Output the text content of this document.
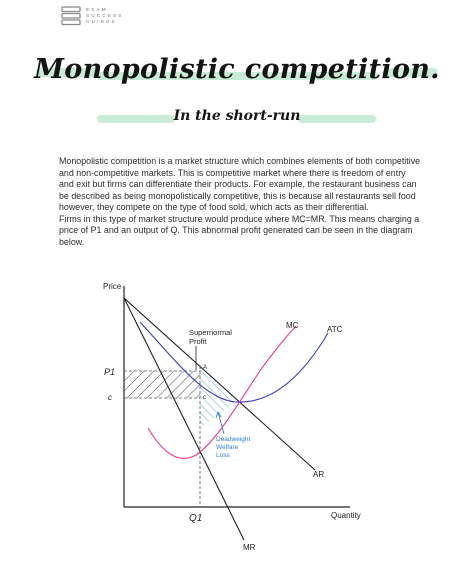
EXAM
SUCCESS
GUIDES
Monopolistic competition.
In the short-run

Monopolistic competition is a market structure which combines elements of both competitive and non-competitive markets. This is competitive market where there is freedom of entry and exit but firms can differentiate their products. For example, the restaurant business can be described as being monopolistically competitive, this is because all restaurants sell food however, they compete on the type of food sold, which acts as their differential.

Firms in this type of market structure would produce where MC=MR. This means charging a price of P1 and an output of Q. This abnormal profit generated can be seen in the diagram below.

Price
Quantity
P1
c
Q1
A
c
MC	ATC
AR
MR
Supernormal
Profit
Deadweight
Welfare
Loss
